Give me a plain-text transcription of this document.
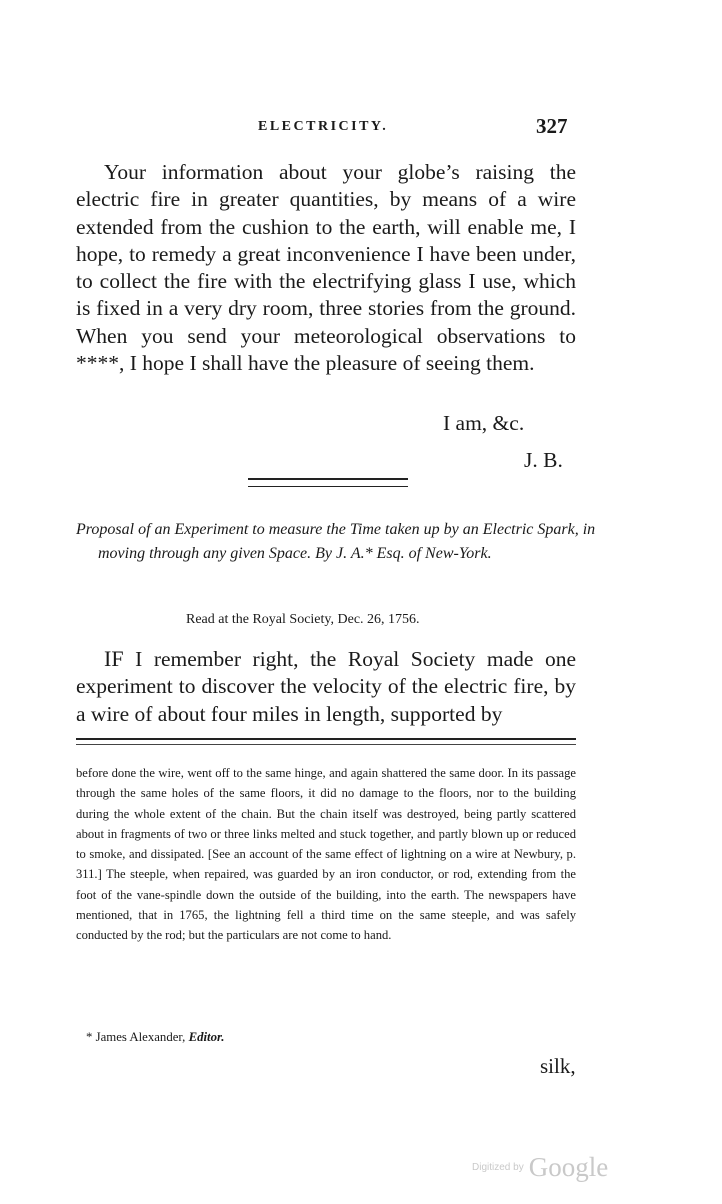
ELECTRICITY.	327

Your information about your globe’s raising the electric fire in greater quantities, by means of a wire extended from the cushion to the earth, will enable me, I hope, to remedy a great inconvenience I have been under, to collect the fire with the electrifying glass I use, which is fixed in a very dry room, three stories from the ground. When you send your meteorological observations to ****, I hope I shall have the pleasure of seeing them.

I am, &c.
J. B.

Proposal of an Experiment to measure the Time taken up by an Electric Spark, in moving through any given Space. By J. A.* Esq. of New-York.

Read at the Royal Society, Dec. 26, 1756.

IF I remember right, the Royal Society made one experiment to discover the velocity of the electric fire, by a wire of about four miles in length, supported by

before done the wire, went off to the same hinge, and again shattered the same door. In its passage through the same holes of the same floors, it did no damage to the floors, nor to the building during the whole extent of the chain. But the chain itself was destroyed, being partly scattered about in fragments of two or three links melted and stuck together, and partly blown up or reduced to smoke, and dissipated. [See an account of the same effect of lightning on a wire at Newbury, p. 311.] The steeple, when repaired, was guarded by an iron conductor, or rod, extending from the foot of the vane-spindle down the outside of the building, into the earth. The newspapers have mentioned, that in 1765, the lightning fell a third time on the same steeple, and was safely conducted by the rod; but the particulars are not come to hand.

* James Alexander, Editor.
silk,
Digitized by Google
